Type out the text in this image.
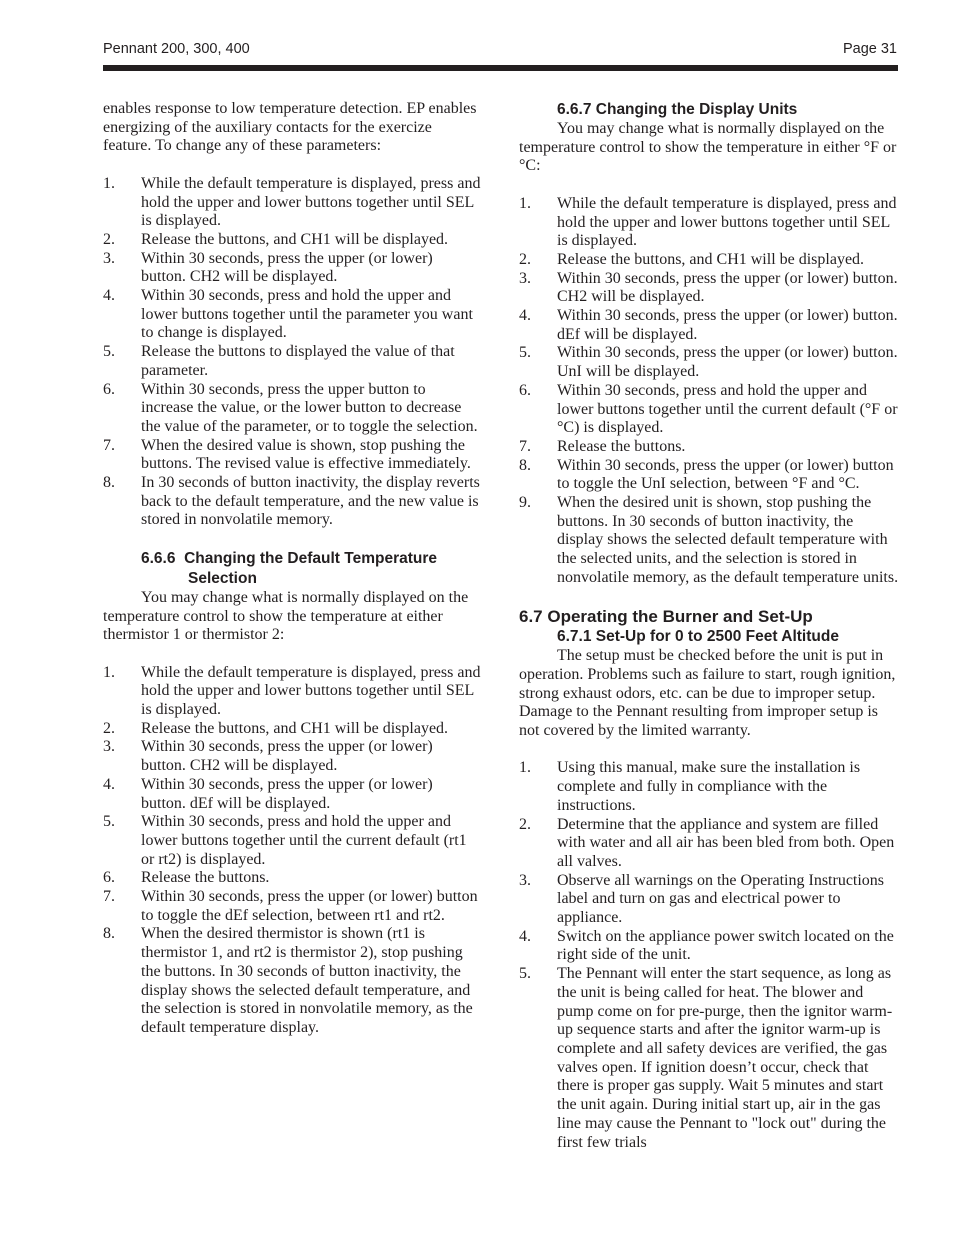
Pennant 200, 300, 400	Page 31

enables response to low temperature detection. EP enables energizing of the auxiliary contacts for the exercize feature. To change any of these parameters:

1. While the default temperature is displayed, press and hold the upper and lower buttons together until SEL is displayed.
2. Release the buttons, and CH1 will be displayed.
3. Within 30 seconds, press the upper (or lower) button. CH2 will be displayed.
4. Within 30 seconds, press and hold the upper and lower buttons together until the parameter you want to change is displayed.
5. Release the buttons to displayed the value of that parameter.
6. Within 30 seconds, press the upper button to increase the value, or the lower button to decrease the value of the parameter, or to toggle the selection.
7. When the desired value is shown, stop pushing the buttons. The revised value is effective immediately.
8. In 30 seconds of button inactivity, the display reverts back to the default temperature, and the new value is stored in nonvolatile memory.
6.6.6 Changing the Default Temperature
Selection

You may change what is normally displayed on the temperature control to show the temperature at either thermistor 1 or thermistor 2:

1. While the default temperature is displayed, press and hold the upper and lower buttons together until SEL is displayed.
2. Release the buttons, and CH1 will be displayed.
3. Within 30 seconds, press the upper (or lower) button. CH2 will be displayed.
4. Within 30 seconds, press the upper (or lower) button. dEf will be displayed.
5. Within 30 seconds, press and hold the upper and lower buttons together until the current default (rt1 or rt2) is displayed.
6. Release the buttons.
7. Within 30 seconds, press the upper (or lower) button to toggle the dEf selection, between rt1 and rt2.
8. When the desired thermistor is shown (rt1 is thermistor 1, and rt2 is thermistor 2), stop pushing the buttons. In 30 seconds of button inactivity, the display shows the selected default temperature, and the selection is stored in nonvolatile memory, as the default temperature display.
6.6.7 Changing the Display Units

You may change what is normally displayed on the temperature control to show the temperature in either °F or °C:

1. While the default temperature is displayed, press and hold the upper and lower buttons together until SEL is displayed.
2. Release the buttons, and CH1 will be displayed.
3. Within 30 seconds, press the upper (or lower) button. CH2 will be displayed.
4. Within 30 seconds, press the upper (or lower) button. dEf will be displayed.
5. Within 30 seconds, press the upper (or lower) button. UnI will be displayed.
6. Within 30 seconds, press and hold the upper and lower buttons together until the current default (°F or °C) is displayed.
7. Release the buttons.
8. Within 30 seconds, press the upper (or lower) button to toggle the UnI selection, between °F and °C.
9. When the desired unit is shown, stop pushing the buttons. In 30 seconds of button inactivity, the display shows the selected default temperature with the selected units, and the selection is stored in nonvolatile memory, as the default temperature units.
6.7 Operating the Burner and Set-Up
6.7.1 Set-Up for 0 to 2500 Feet Altitude

The setup must be checked before the unit is put in operation. Problems such as failure to start, rough ignition, strong exhaust odors, etc. can be due to improper setup. Damage to the Pennant resulting from improper setup is not covered by the limited warranty.

1. Using this manual, make sure the installation is complete and fully in compliance with the instructions.
2. Determine that the appliance and system are filled with water and all air has been bled from both. Open all valves.
3. Observe all warnings on the Operating Instructions label and turn on gas and electrical power to appliance.
4. Switch on the appliance power switch located on the right side of the unit.
5. The Pennant will enter the start sequence, as long as the unit is being called for heat. The blower and pump come on for pre-purge, then the ignitor warm-up sequence starts and after the ignitor warm-up is complete and all safety devices are verified, the gas valves open. If ignition doesn’t occur, check that there is proper gas supply. Wait 5 minutes and start the unit again. During initial start up, air in the gas line may cause the Pennant to "lock out" during the first few trials
